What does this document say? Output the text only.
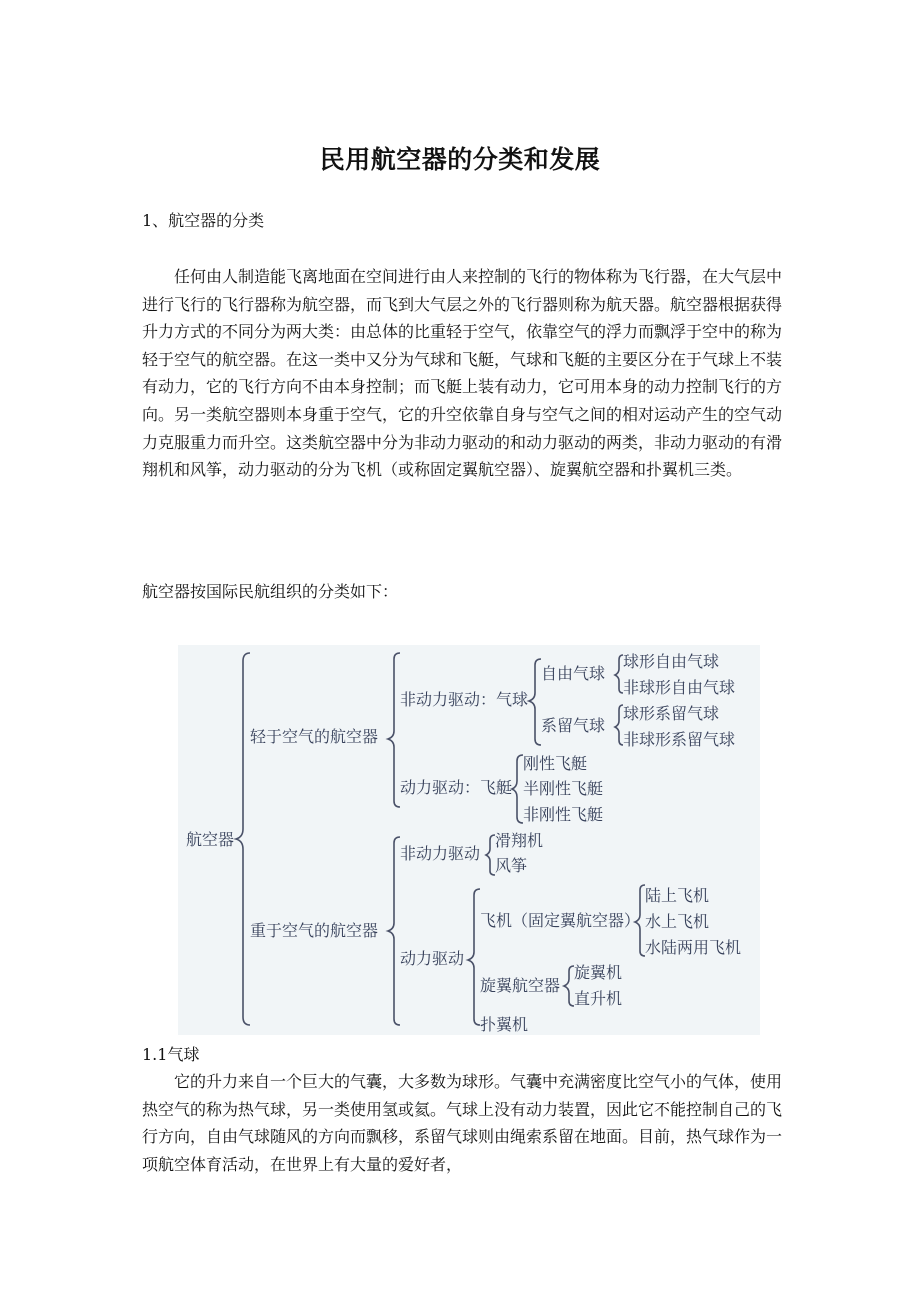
民用航空器的分类和发展
1、航空器的分类
任何由人制造能飞离地面在空间进行由人来控制的飞行的物体称为飞行器，在大气层中进行飞行的飞行器称为航空器，而飞到大气层之外的飞行器则称为航天器。航空器根据获得升力方式的不同分为两大类：由总体的比重轻于空气，依靠空气的浮力而飘浮于空中的称为轻于空气的航空器。在这一类中又分为气球和飞艇，气球和飞艇的主要区分在于气球上不装有动力，它的飞行方向不由本身控制；而飞艇上装有动力，它可用本身的动力控制飞行的方向。另一类航空器则本身重于空气，它的升空依靠自身与空气之间的相对运动产生的空气动力克服重力而升空。这类航空器中分为非动力驱动的和动力驱动的两类，非动力驱动的有滑翔机和风筝，动力驱动的分为飞机（或称固定翼航空器）、旋翼航空器和扑翼机三类。
航空器按国际民航组织的分类如下：
航空器
轻于空气的航空器
非动力驱动：气球
自由气球
球形自由气球
非球形自由气球
系留气球
球形系留气球
非球形系留气球
动力驱动：飞艇
刚性飞艇
半刚性飞艇
非刚性飞艇
重于空气的航空器
非动力驱动
滑翔机
风筝
动力驱动
飞机（固定翼航空器）
陆上飞机
水上飞机
水陆两用飞机
旋翼航空器
旋翼机
直升机
扑翼机
1.1气球
它的升力来自一个巨大的气囊，大多数为球形。气囊中充满密度比空气小的气体，使用热空气的称为热气球，另一类使用氢或氦。气球上没有动力装置，因此它不能控制自己的飞行方向，自由气球随风的方向而飘移，系留气球则由绳索系留在地面。目前，热气球作为一项航空体育活动，在世界上有大量的爱好者，
